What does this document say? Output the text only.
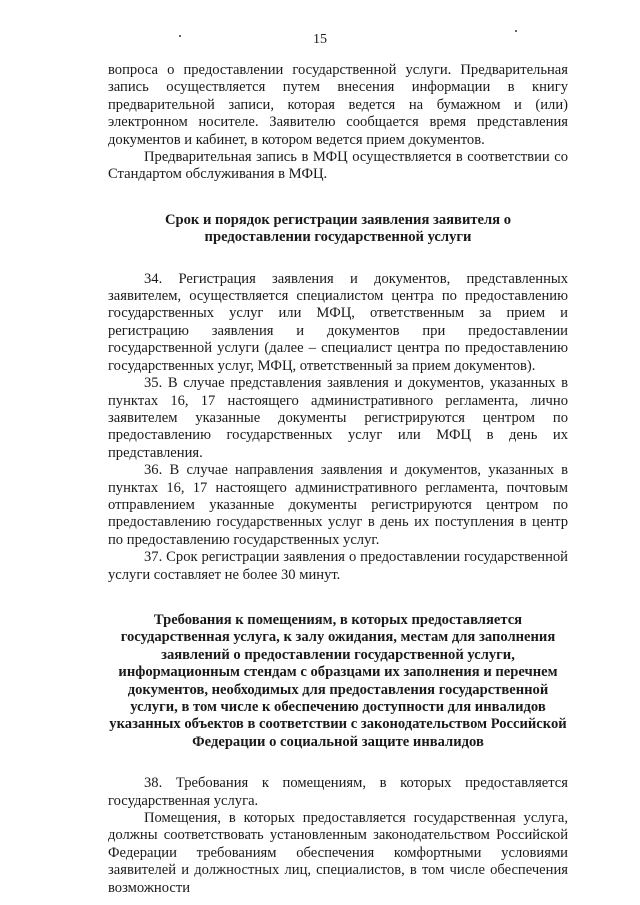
15

вопроса о предоставлении государственной услуги. Предварительная запись осуществляется путем внесения информации в книгу предварительной записи, которая ведется на бумажном и (или) электронном носителе. Заявителю сообщается время представления документов и кабинет, в котором ведется прием документов.

Предварительная запись в МФЦ осуществляется в соответствии со Стандартом обслуживания в МФЦ.

Срок и порядок регистрации заявления заявителя о предоставлении государственной услуги

34. Регистрация заявления и документов, представленных заявителем, осуществляется специалистом центра по предоставлению государственных услуг или МФЦ, ответственным за прием и регистрацию заявления и документов при предоставлении государственной услуги (далее – специалист центра по предоставлению государственных услуг, МФЦ, ответственный за прием документов).

35. В случае представления заявления и документов, указанных в пунктах 16, 17 настоящего административного регламента, лично заявителем указанные документы регистрируются центром по предоставлению государственных услуг или МФЦ в день их представления.

36. В случае направления заявления и документов, указанных в пунктах 16, 17 настоящего административного регламента, почтовым отправлением указанные документы регистрируются центром по предоставлению государственных услуг в день их поступления в центр по предоставлению государственных услуг.

37. Срок регистрации заявления о предоставлении государственной услуги составляет не более 30 минут.

Требования к помещениям, в которых предоставляется государственная услуга, к залу ожидания, местам для заполнения заявлений о предоставлении государственной услуги, информационным стендам с образцами их заполнения и перечнем документов, необходимых для предоставления государственной услуги, в том числе к обеспечению доступности для инвалидов указанных объектов в соответствии с законодательством Российской Федерации о социальной защите инвалидов

38. Требования к помещениям, в которых предоставляется государственная услуга.

Помещения, в которых предоставляется государственная услуга, должны соответствовать установленным законодательством Российской Федерации требованиям обеспечения комфортными условиями заявителей и должностных лиц, специалистов, в том числе обеспечения возможности
